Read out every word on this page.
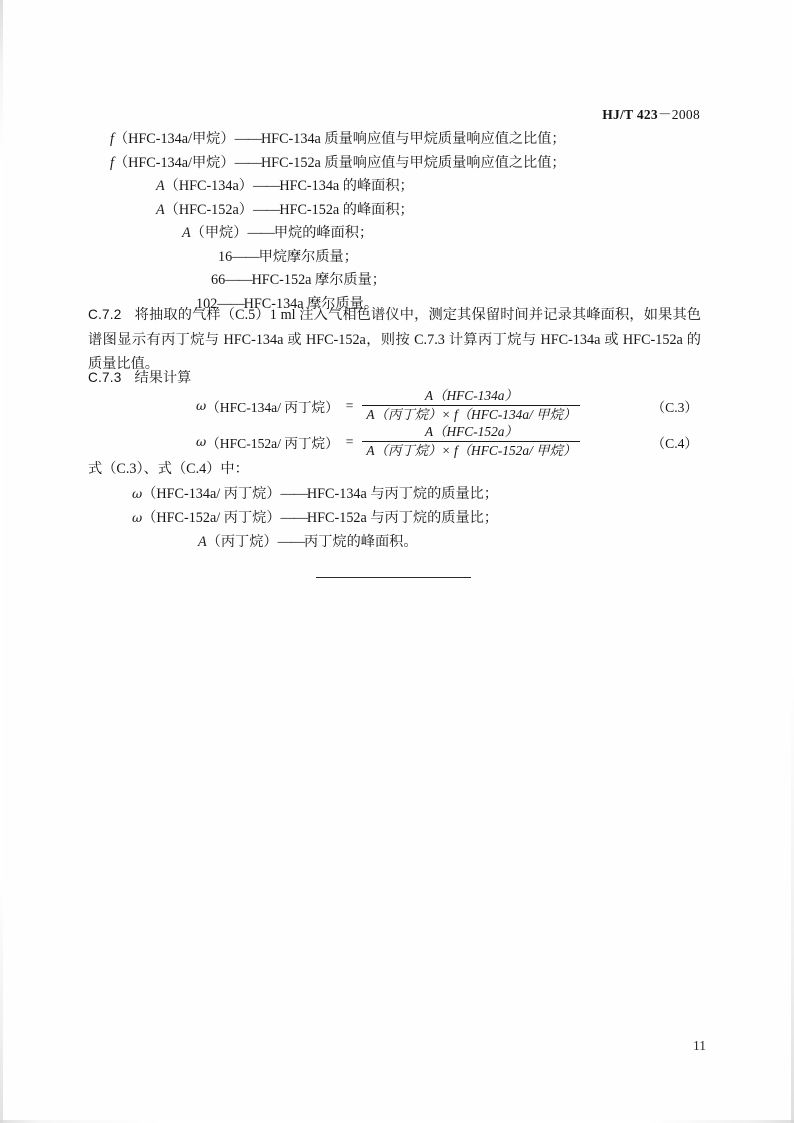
HJ/T 423－2008
f（HFC-134a/甲烷）——HFC-134a 质量响应值与甲烷质量响应值之比值；
f（HFC-134a/甲烷）——HFC-152a 质量响应值与甲烷质量响应值之比值；
A（HFC-134a）——HFC-134a 的峰面积；
A（HFC-152a）——HFC-152a 的峰面积；
A（甲烷）——甲烷的峰面积；
16——甲烷摩尔质量；
66——HFC-152a 摩尔质量；
102——HFC-134a 摩尔质量。
C.7.2 将抽取的气样（C.5）1 ml 注入气相色谱仪中，测定其保留时间并记录其峰面积，如果其色谱图显示有丙丁烷与 HFC-134a 或 HFC-152a，则按 C.7.3 计算丙丁烷与 HFC-134a 或 HFC-152a 的质量比值。
C.7.3 结果计算
ω （HFC-134a/ 丙丁烷） = $\frac{\text{A（HFC-134a）}}{\text{A（丙丁烷）× f（HFC-134a/ 甲烷）}}$	（C.3）
ω （HFC-152a/ 丙丁烷） = $\frac{\text{A（HFC-152a）}}{\text{A（丙丁烷）× f（HFC-152a/ 甲烷）}}$	（C.4）
式（C.3）、式（C.4）中：
ω（HFC-134a/ 丙丁烷）——HFC-134a 与丙丁烷的质量比；
ω（HFC-152a/ 丙丁烷）——HFC-152a 与丙丁烷的质量比；
A（丙丁烷）——丙丁烷的峰面积。
11
